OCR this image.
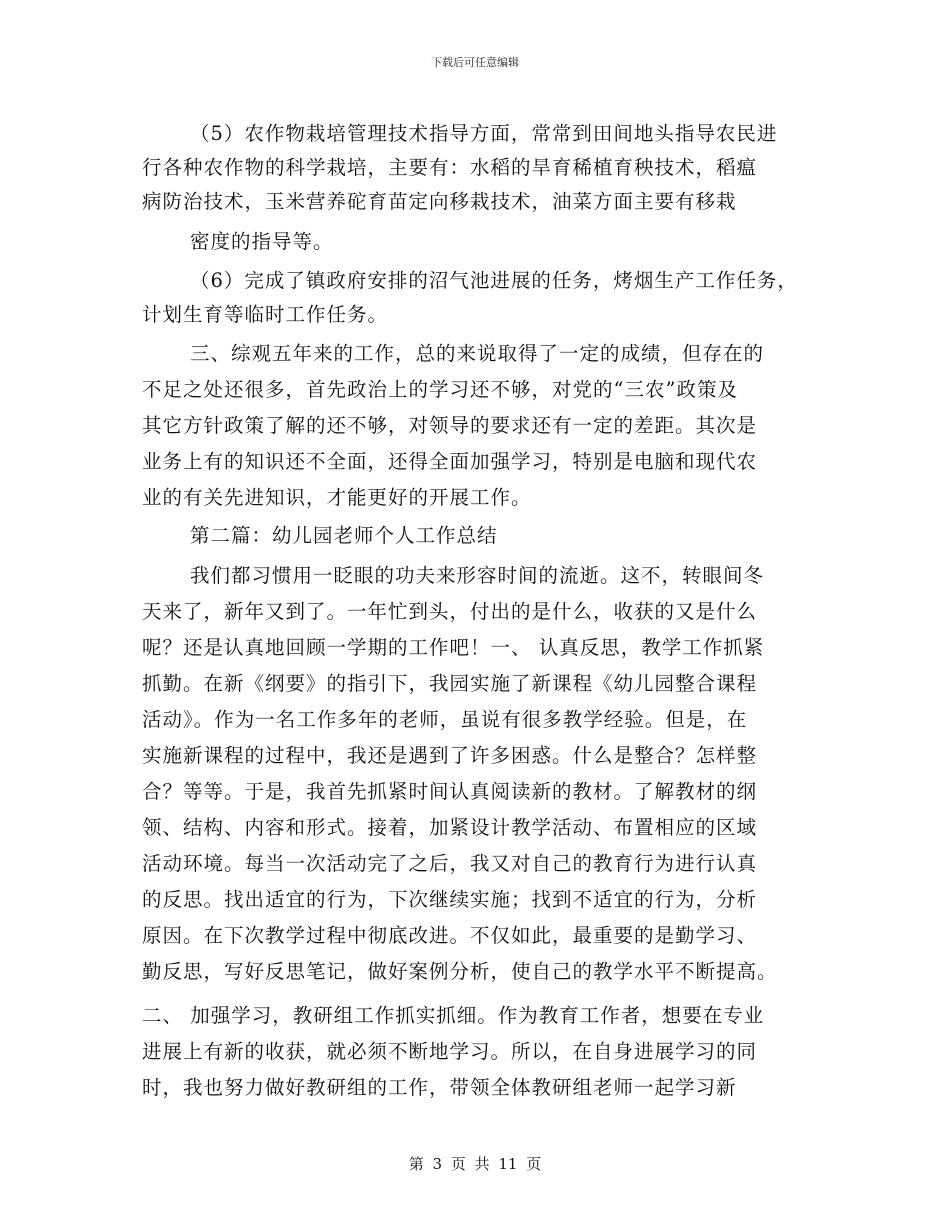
下载后可任意编辑
（5）农作物栽培管理技术指导方面，常常到田间地头指导农民进
行各种农作物的科学栽培，主要有：水稻的旱育稀植育秧技术，稻瘟
病防治技术，玉米营养砣育苗定向移栽技术，油菜方面主要有移栽
密度的指导等。
（6）完成了镇政府安排的沼气池进展的任务，烤烟生产工作任务，
计划生育等临时工作任务。
三、综观五年来的工作，总的来说取得了一定的成绩，但存在的
不足之处还很多，首先政治上的学习还不够，对党的“三农”政策及
其它方针政策了解的还不够，对领导的要求还有一定的差距。其次是
业务上有的知识还不全面，还得全面加强学习，特别是电脑和现代农
业的有关先进知识，才能更好的开展工作。
第二篇：幼儿园老师个人工作总结
我们都习惯用一眨眼的功夫来形容时间的流逝。这不，转眼间冬
天来了，新年又到了。一年忙到头，付出的是什么，收获的又是什么
呢？还是认真地回顾一学期的工作吧！一、 认真反思，教学工作抓紧
抓勤。在新《纲要》的指引下，我园实施了新课程《幼儿园整合课程
活动》。作为一名工作多年的老师，虽说有很多教学经验。但是，在
实施新课程的过程中，我还是遇到了许多困惑。什么是整合？怎样整
合？等等。于是，我首先抓紧时间认真阅读新的教材。了解教材的纲
领、结构、内容和形式。接着，加紧设计教学活动、布置相应的区域
活动环境。每当一次活动完了之后，我又对自己的教育行为进行认真
的反思。找出适宜的行为，下次继续实施；找到不适宜的行为，分析
原因。在下次教学过程中彻底改进。不仅如此，最重要的是勤学习、
勤反思，写好反思笔记，做好案例分析，使自己的教学水平不断提高。
二、 加强学习，教研组工作抓实抓细。作为教育工作者，想要在专业
进展上有新的收获，就必须不断地学习。所以，在自身进展学习的同
时，我也努力做好教研组的工作，带领全体教研组老师一起学习新
第 3 页 共 11 页
